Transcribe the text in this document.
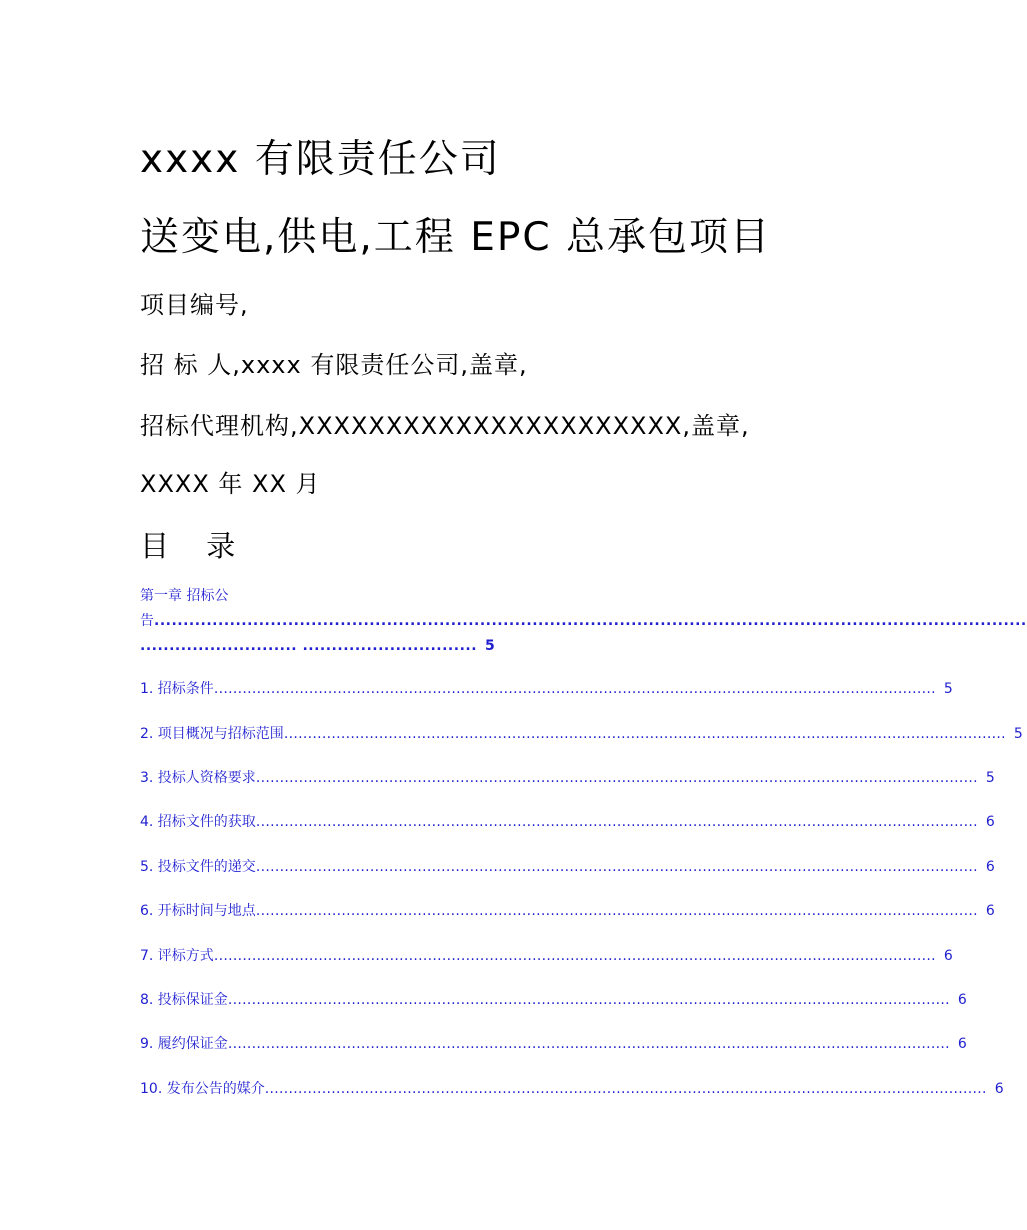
xxxx 有限责任公司
送变电,供电,工程 EPC 总承包项目
项目编号,
招 标 人,xxxx 有限责任公司,盖章,
招标代理机构,XXXXXXXXXXXXXXXXXXXXXX,盖章,
XXXX 年 XX 月
目 录
第一章 招标公
告......................................................................................................................................................
........................... .............................. 5
1. 招标条件 ........................................................................................................................................................ 5
2. 项目概况与招标范围 ........................................................................................................................................................ 5
3. 投标人资格要求 ........................................................................................................................................................ 5
4. 招标文件的获取 ........................................................................................................................................................ 6
5. 投标文件的递交 ........................................................................................................................................................ 6
6. 开标时间与地点 ........................................................................................................................................................ 6
7. 评标方式 ........................................................................................................................................................ 6
8. 投标保证金 ........................................................................................................................................................ 6
9. 履约保证金 ........................................................................................................................................................ 6
10. 发布公告的媒介 ........................................................................................................................................................ 6
